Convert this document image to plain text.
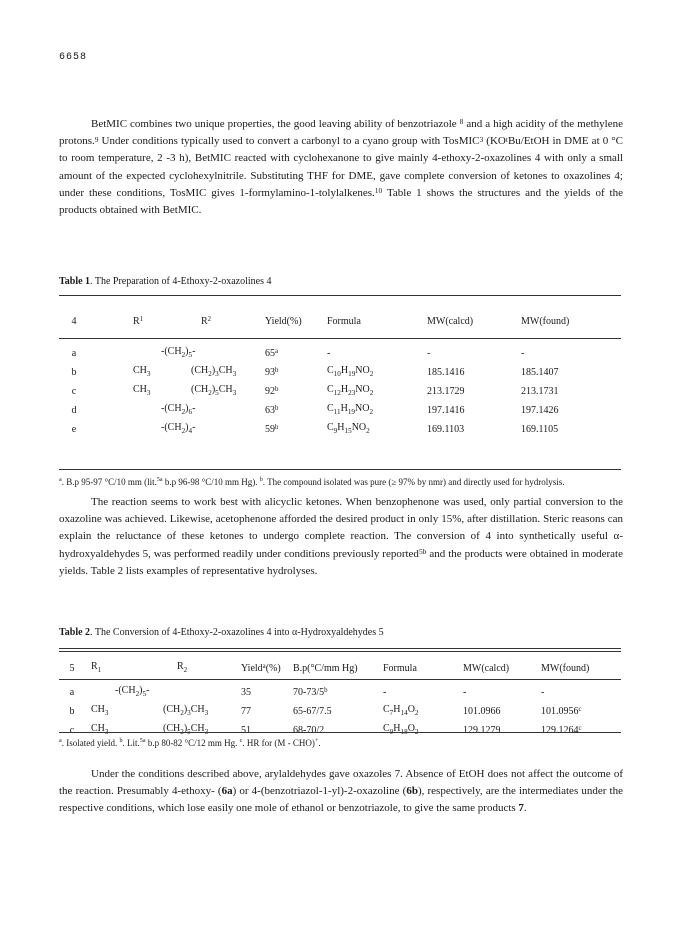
6658

BetMIC combines two unique properties, the good leaving ability of benzotriazole $^8$ and a high acidity of the methylene protons.$^9$ Under conditions typically used to convert a carbonyl to a cyano group with TosMIC$^3$ ($KO^tBu$/EtOH in DME at 0 °C to room temperature, 2 -3 h), BetMIC reacted with cyclohexanone to give mainly 4-ethoxy-2-oxazolines 4 with only a small amount of the expected cyclohexylnitrile. Substituting THF for DME, gave complete conversion of ketones to oxazolines 4; under these conditions, TosMIC gives 1-formylamino-1-tolylalkenes.$^{10}$ Table 1 shows the structures and the yields of the products obtained with BetMIC.

Table 1. The Preparation of 4-Ethoxy-2-oxazolines 4
4	$R^1$	$R^2$	Yield(%)	Formula	MW(calcd)	MW(found)
a	$-(CH_2)_5-$		65$^a$	-	-	-
b	$CH_3$	$(CH_2)_3CH_3$	93$^b$	$C_{10}H_{19}NO_2$	185.1416	185.1407
c	$CH_3$	$(CH_2)_5CH_3$	92$^b$	$C_{12}H_{23}NO_2$	213.1729	213.1731
d	$-(CH_2)_6-$		63$^b$	$C_{11}H_{19}NO_2$	197.1416	197.1426
e	$-(CH_2)_4-$		59$^b$	$C_9H_{15}NO_2$	169.1103	169.1105

$^a$. B.p 95-97 °C/10 mm (lit.$^{5a}$ b.p 96-98 °C/10 mm Hg). $^b$. The compound isolated was pure (≥ 97% by nmr) and directly used for hydrolysis.

The reaction seems to work best with alicyclic ketones. When benzophenone was used, only partial conversion to the oxazoline was achieved. Likewise, acetophenone afforded the desired product in only 15%, after distillation. Steric reasons can explain the reluctance of these ketones to undergo complete reaction. The conversion of 4 into synthetically useful α-hydroxyaldehydes 5, was performed readily under conditions previously reported$^{5b}$ and the products were obtained in moderate yields. Table 2 lists examples of representative hydrolyses.

Table 2. The Conversion of 4-Ethoxy-2-oxazolines 4 into α-Hydroxyaldehydes 5
5	$R_1$	$R_2$	Yield$^a$(%)	B.p(°C/mm Hg)	Formula	MW(calcd)	MW(found)
a	$-(CH_2)_5-$		35	70-73/5$^b$	-	-	-
b	$CH_3$	$(CH_2)_3CH_3$	77	65-67/7.5	$C_7H_{14}O_2$	101.0966	101.0956$^c$
c	$CH_3$	$(CH_2)_5CH_3$	51	68-70/2	$C_9H_{18}O_2$	129.1279	129.1264$^c$

$^a$. Isolated yield. $^b$. Lit.$^{5a}$ b.p 80-82 °C/12 mm Hg. $^c$. HR for (M - CHO)+.

Under the conditions described above, arylaldehydes gave oxazoles 7. Absence of EtOH does not affect the outcome of the reaction. Presumably 4-ethoxy- (6a) or 4-(benzotriazol-1-yl)-2-oxazoline (6b), respectively, are the intermediates under the respective conditions, which lose easily one mole of ethanol or benzotriazole, to give the same products 7.
